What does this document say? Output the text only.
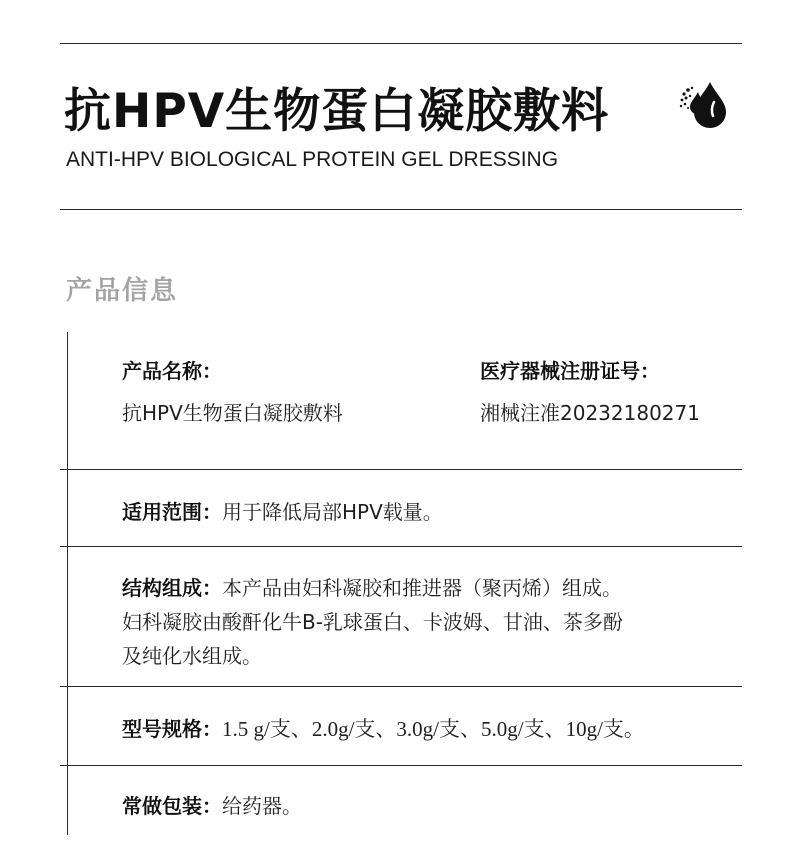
抗HPV生物蛋白凝胶敷料
ANTI-HPV BIOLOGICAL PROTEIN GEL DRESSING
产品信息
产品名称：
抗HPV生物蛋白凝胶敷料
医疗器械注册证号：
湘械注准20232180271
适用范围：用于降低局部HPV载量。
结构组成：本产品由妇科凝胶和推进器（聚丙烯）组成。
妇科凝胶由酸酐化牛B-乳球蛋白、卡波姆、甘油、茶多酚
及纯化水组成。
型号规格：1.5 g/支、2.0g/支、3.0g/支、5.0g/支、10g/支。
常做包装：给药器。
